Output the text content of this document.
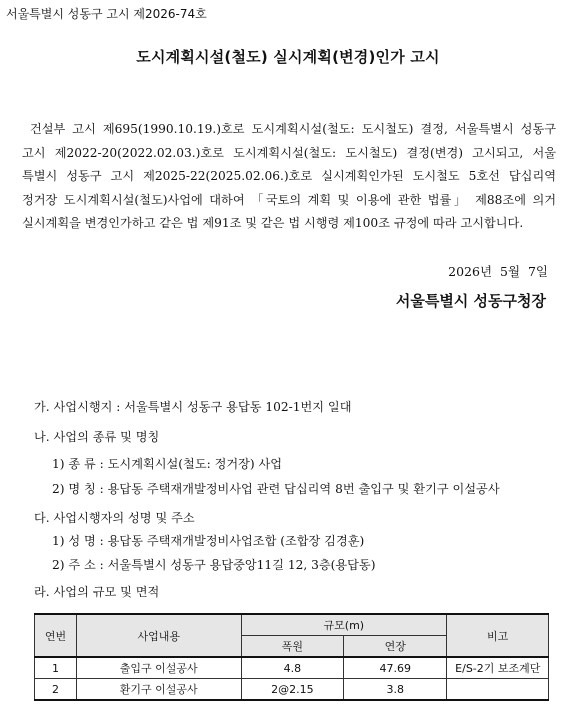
서울특별시 성동구 고시 제2026-74호
도시계획시설(철도) 실시계획(변경)인가 고시
건설부 고시 제695(1990.10.19.)호로 도시계획시설(철도: 도시철도) 결정, 서울특별시 성동구
고시 제2022-20(2022.02.03.)호로 도시계획시설(철도: 도시철도) 결정(변경) 고시되고, 서울
특별시 성동구 고시 제2025-22(2025.02.06.)호로 실시계획인가된 도시철도 5호선 답십리역
정거장 도시계획시설(철도)사업에 대하여 「국토의 계획 및 이용에 관한 법률」 제88조에 의거
실시계획을 변경인가하고 같은 법 제91조 및 같은 법 시행령 제100조 규정에 따라 고시합니다.
2026년  5월  7일
서울특별시 성동구청장
가. 사업시행지 : 서울특별시 성동구 용답동 102-1번지 일대
나. 사업의 종류 및 명칭
1) 종 류 : 도시계획시설(철도: 정거장) 사업
2) 명 칭 : 용답동 주택재개발정비사업 관련 답십리역 8번 출입구 및 환기구 이설공사
다. 사업시행자의 성명 및 주소
1) 성 명 : 용답동 주택재개발정비사업조합 (조합장 김경훈)
2) 주 소 : 서울특별시 성동구 용답중앙11길 12, 3층(용답동)
라. 사업의 규모 및 면적
연번	사업내용	규모(m)		비고
		폭원	연장	
1	출입구 이설공사	4.8	47.69	E/S-2기 보조계단
2	환기구 이설공사	2@2.15	3.8	
